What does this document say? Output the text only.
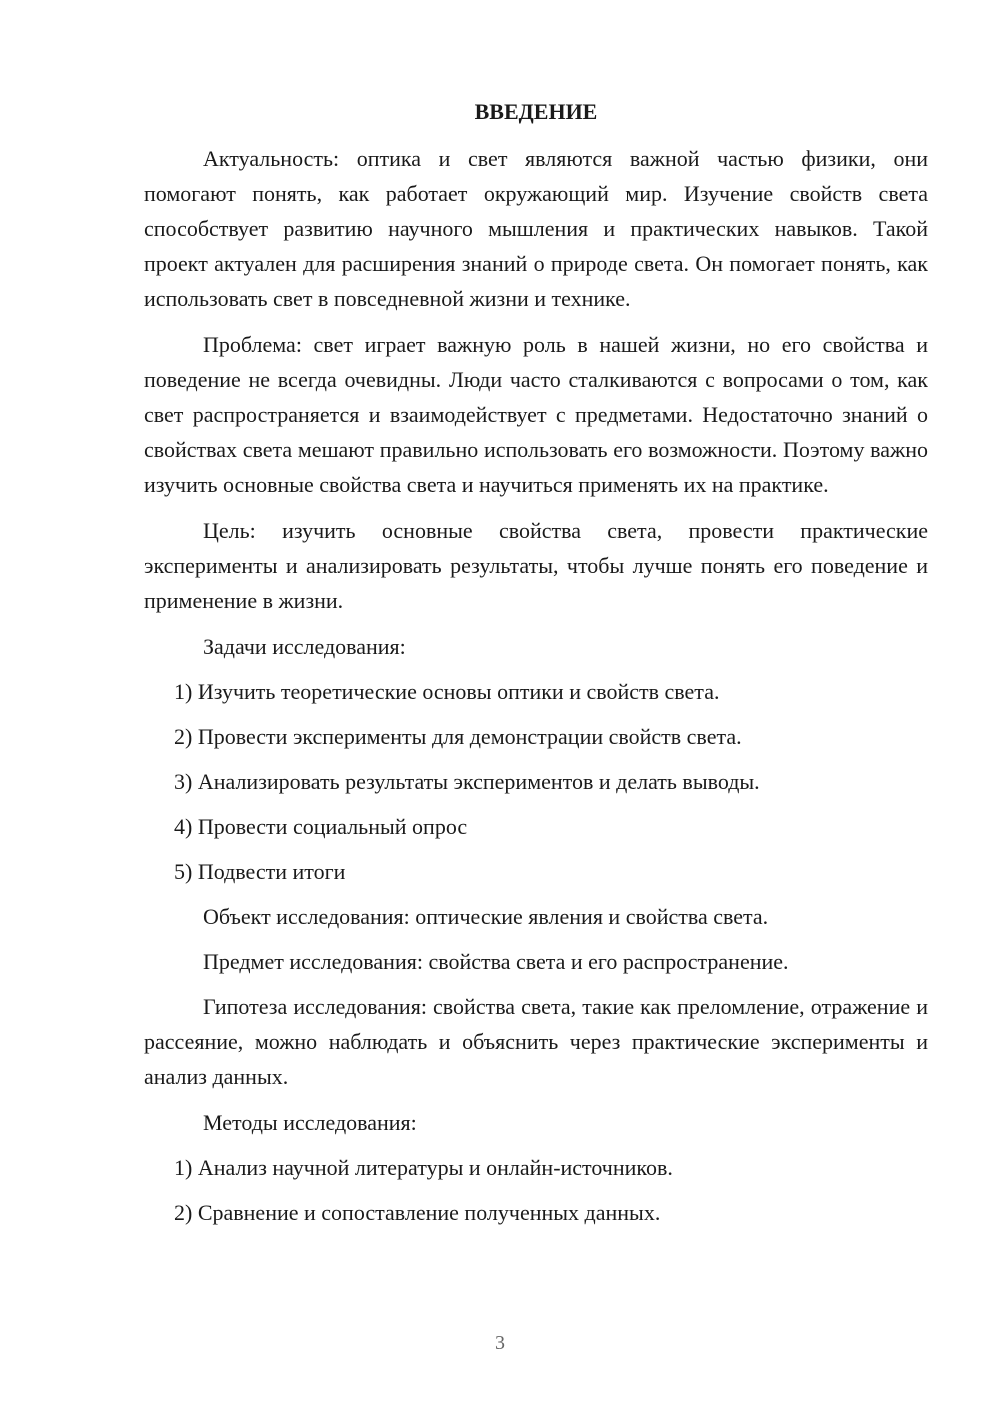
ВВЕДЕНИЕ

Актуальность: оптика и свет являются важной частью физики, они помогают понять, как работает окружающий мир. Изучение свойств света способствует развитию научного мышления и практических навыков. Такой проект актуален для расширения знаний о природе света. Он помогает понять, как использовать свет в повседневной жизни и технике.

Проблема: свет играет важную роль в нашей жизни, но его свойства и поведение не всегда очевидны. Люди часто сталкиваются с вопросами о том, как свет распространяется и взаимодействует с предметами. Недостаточно знаний о свойствах света мешают правильно использовать его возможности. Поэтому важно изучить основные свойства света и научиться применять их на практике.

Цель: изучить основные свойства света, провести практические эксперименты и анализировать результаты, чтобы лучше понять его поведение и применение в жизни.

Задачи исследования:

1) Изучить теоретические основы оптики и свойств света.

2) Провести эксперименты для демонстрации свойств света.

3) Анализировать результаты экспериментов и делать выводы.

4) Провести социальный опрос

5) Подвести итоги

Объект исследования: оптические явления и свойства света.

Предмет исследования: свойства света и его распространение.

Гипотеза исследования: свойства света, такие как преломление, отражение и рассеяние, можно наблюдать и объяснить через практические эксперименты и анализ данных.

Методы исследования:

1) Анализ научной литературы и онлайн-источников.

2) Сравнение и сопоставление полученных данных.

3
